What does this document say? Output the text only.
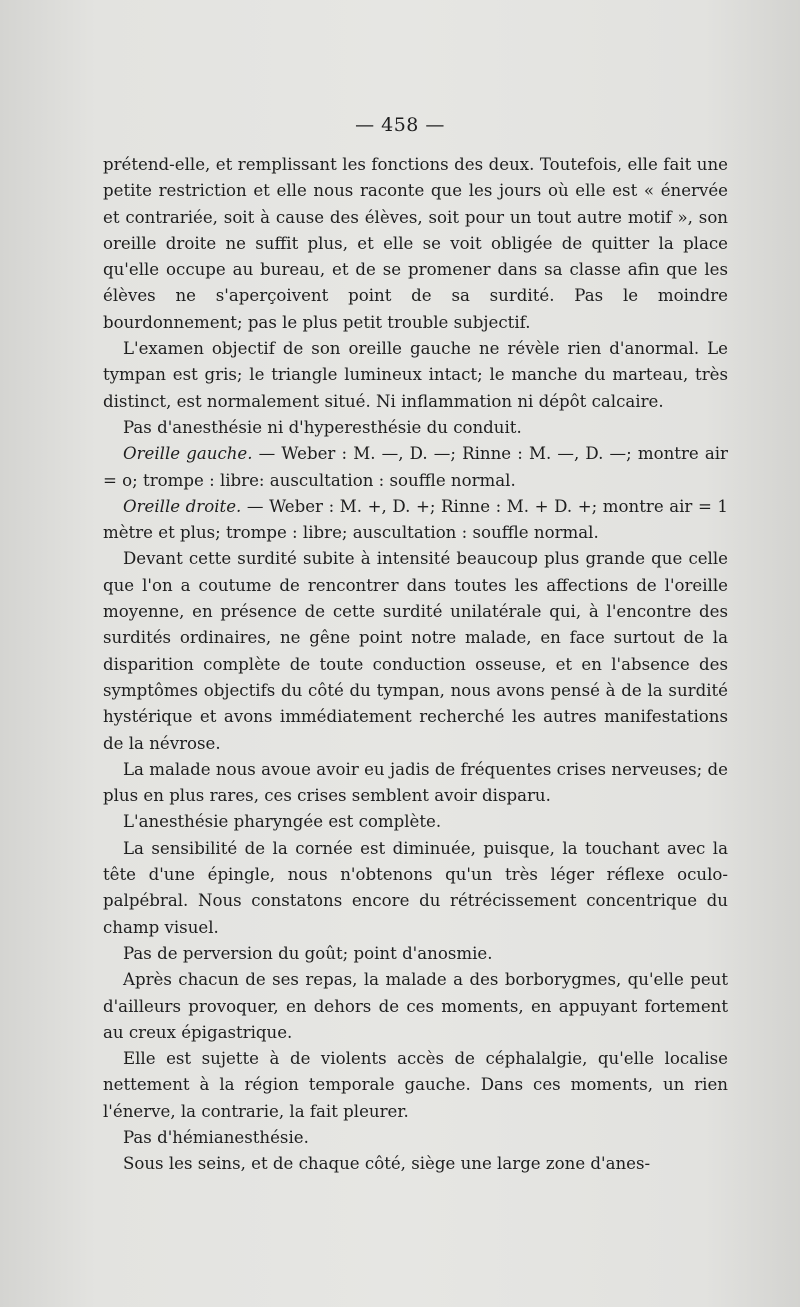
— 458 —

prétend-elle, et remplissant les fonctions des deux. Toutefois, elle fait une petite restriction et elle nous raconte que les jours où elle est « énervée et contrariée, soit à cause des élèves, soit pour un tout autre motif », son oreille droite ne suffit plus, et elle se voit obligée de quitter la place qu'elle occupe au bureau, et de se promener dans sa classe afin que les élèves ne s'aperçoivent point de sa surdité. Pas le moindre bourdonnement; pas le plus petit trouble subjectif.

L'examen objectif de son oreille gauche ne révèle rien d'anormal. Le tympan est gris; le triangle lumineux intact; le manche du marteau, très distinct, est normalement situé. Ni inflammation ni dépôt calcaire.

Pas d'anesthésie ni d'hyperesthésie du conduit.

Oreille gauche. — Weber : M. —, D. —; Rinne : M. —, D. —; montre air = o; trompe : libre: auscultation : souffle normal.

Oreille droite. — Weber : M. +, D. +; Rinne : M. + D. +; montre air = 1 mètre et plus; trompe : libre; auscultation : souffle normal.

Devant cette surdité subite à intensité beaucoup plus grande que celle que l'on a coutume de rencontrer dans toutes les affections de l'oreille moyenne, en présence de cette surdité unilatérale qui, à l'encontre des surdités ordinaires, ne gêne point notre malade, en face surtout de la disparition complète de toute conduction osseuse, et en l'absence des symptômes objectifs du côté du tympan, nous avons pensé à de la surdité hystérique et avons immédiatement recherché les autres manifestations de la névrose.

La malade nous avoue avoir eu jadis de fréquentes crises nerveuses; de plus en plus rares, ces crises semblent avoir disparu.

L'anesthésie pharyngée est complète.

La sensibilité de la cornée est diminuée, puisque, la touchant avec la tête d'une épingle, nous n'obtenons qu'un très léger réflexe oculo-palpébral. Nous constatons encore du rétrécissement concentrique du champ visuel.

Pas de perversion du goût; point d'anosmie.

Après chacun de ses repas, la malade a des borborygmes, qu'elle peut d'ailleurs provoquer, en dehors de ces moments, en appuyant fortement au creux épigastrique.

Elle est sujette à de violents accès de céphalalgie, qu'elle localise nettement à la région temporale gauche. Dans ces moments, un rien l'énerve, la contrarie, la fait pleurer.

Pas d'hémianesthésie.

Sous les seins, et de chaque côté, siège une large zone d'anes-
